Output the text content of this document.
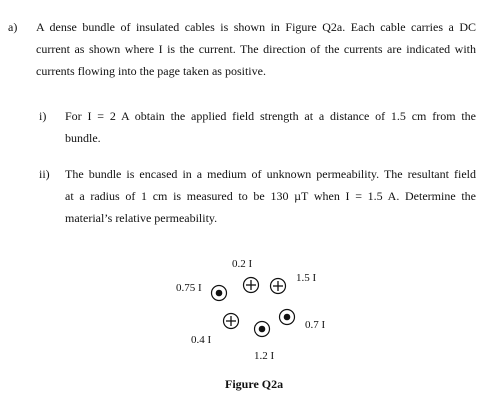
a) A dense bundle of insulated cables is shown in Figure Q2a. Each cable carries a DC
current as shown where I is the current. The direction of the currents are indicated with
currents flowing into the page taken as positive.
i) For I = 2 A obtain the applied field strength at a distance of 1.5 cm from the
bundle.
ii) The bundle is encased in a medium of unknown permeability. The resultant field
at a radius of 1 cm is measured to be 130 µT when I = 1.5 A. Determine the
material’s relative permeability.
0.2 I
1.5 I
0.75 I
0.4 I
1.2 I
0.7 I
Figure Q2a
